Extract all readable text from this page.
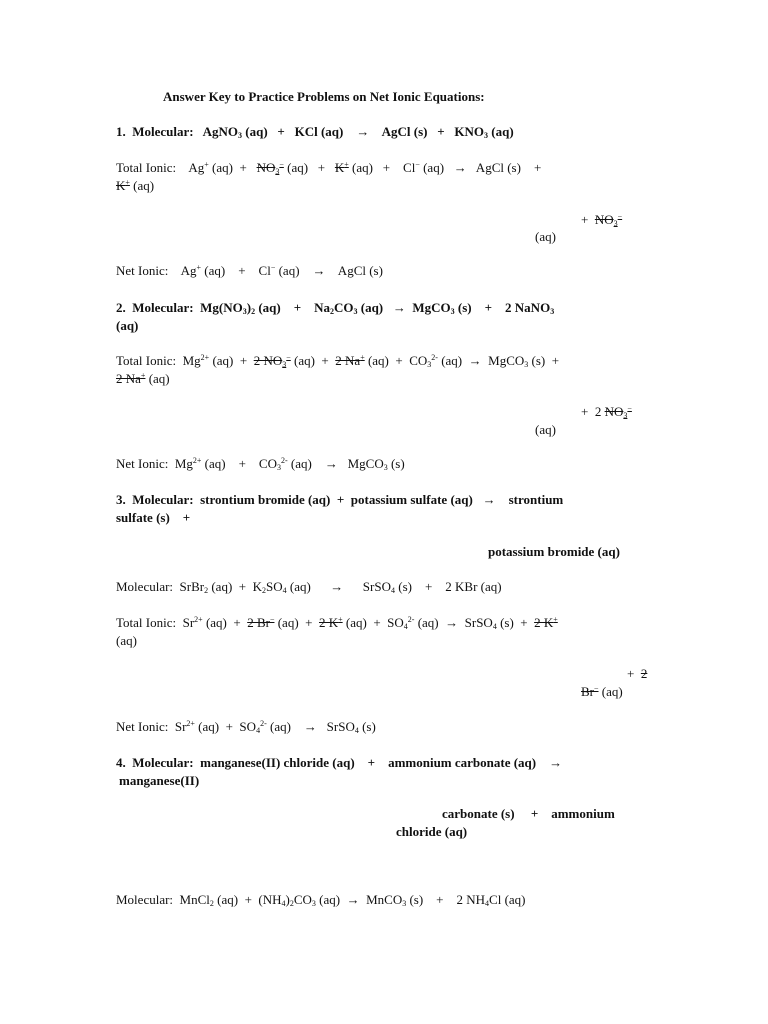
Answer Key to Practice Problems on Net Ionic Equations:
1.  Molecular:   AgNO$_3$ (aq)   +   KCl (aq)    →    AgCl $(s) + KNO_3$ (aq)
Total Ionic:    Ag+ $(aq) + NO_3^-$ (aq)   +   K+ (aq)   +    Cl− (aq)   →   AgCl (s)    +
K+ (aq)
+  $NO_3^-$
(aq)
Net Ionic:    Ag+ (aq)    +    Cl− (aq)    →    AgCl (s)
2.  Molecular:  $Mg(NO_3)_2$ (aq)    +    $Na_2CO_3$ (aq)   →  MgCO$_3$ (s)    +    2 NaNO$_3$
(aq)
Total Ionic:  $Mg^{2+}$ (aq)  +  2 $NO_3^-$ (aq)  +  2 Na+ $(aq) + CO_3^{2-}$ (aq)  →  MgCO$_3$ (s)  +
2 Na+ (aq)
+  2 $NO_3^-$
(aq)
Net Ionic:  $Mg^{2+}$ (aq)    +    $CO_3^{2-}$ (aq)    →   MgCO$_3$ (s)
3.  Molecular:  strontium bromide (aq)  +  potassium sulfate (aq)   →    strontium
sulfate (s)    +
potassium bromide (aq)
Molecular:  SrBr$_2$ $(aq) + K_2SO_4$ (aq)      →      SrSO$_4$ (s)    +    2 KBr (aq)
Total Ionic:  $Sr^{2+}$ (aq)  +  2 Br− (aq)  +  2 K+ $(aq) + SO_4^{2-}$ (aq)  →  SrSO$_4$ (s)  +  2 K+
(aq)
+  2
Br− (aq)
Net Ionic:  $Sr^{2+}$ $(aq) + SO_4^{2-}$ (aq)    →   SrSO$_4$ (s)
4.  Molecular:  manganese(II) chloride (aq)    +    ammonium carbonate (aq)    →
manganese(II)
carbonate (s)     +    ammonium
chloride (aq)
Molecular:  MnCl$_2$ $(aq) + (NH_4)_2CO_3$ (aq)  →  MnCO$_3$ (s)    +    2 $NH_4Cl$ (aq)
